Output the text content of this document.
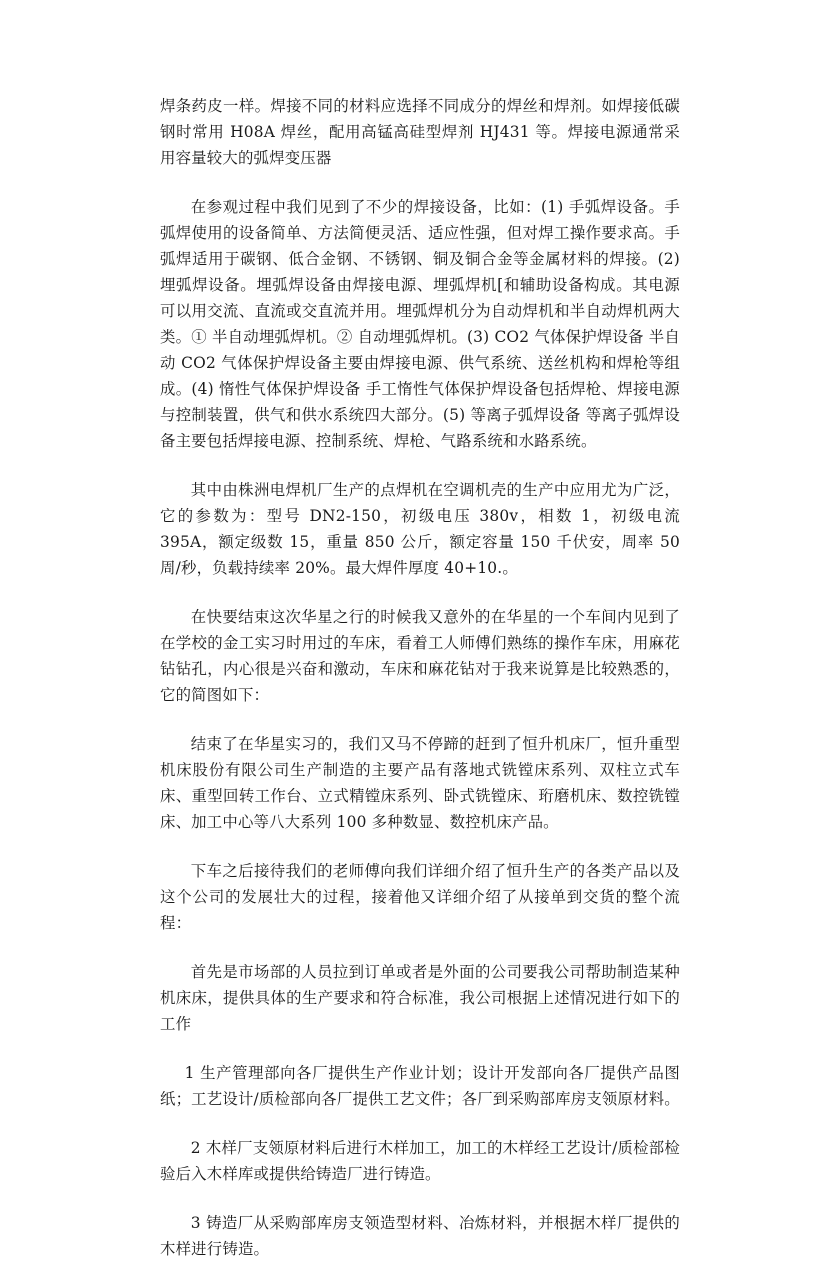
焊条药皮一样。焊接不同的材料应选择不同成分的焊丝和焊剂。如焊接低碳钢时常用 H08A 焊丝，配用高锰高硅型焊剂 HJ431 等。焊接电源通常采用容量较大的弧焊变压器

在参观过程中我们见到了不少的焊接设备，比如：(1) 手弧焊设备。手弧焊使用的设备简单、方法简便灵活、适应性强，但对焊工操作要求高。手弧焊适用于碳钢、低合金钢、不锈钢、铜及铜合金等金属材料的焊接。(2) 埋弧焊设备。埋弧焊设备由焊接电源、埋弧焊机[和辅助设备构成。其电源可以用交流、直流或交直流并用。埋弧焊机分为自动焊机和半自动焊机两大类。① 半自动埋弧焊机。② 自动埋弧焊机。(3) CO2 气体保护焊设备 半自动 CO2 气体保护焊设备主要由焊接电源、供气系统、送丝机构和焊枪等组成。(4) 惰性气体保护焊设备 手工惰性气体保护焊设备包括焊枪、焊接电源与控制装置，供气和供水系统四大部分。(5) 等离子弧焊设备 等离子弧焊设备主要包括焊接电源、控制系统、焊枪、气路系统和水路系统。

其中由株洲电焊机厂生产的点焊机在空调机壳的生产中应用尤为广泛，它的参数为：型号 DN2-150，初级电压 380v，相数 1，初级电流 395A，额定级数 15，重量 850 公斤，额定容量 150 千伏安，周率 50 周/秒，负载持续率 20%。最大焊件厚度 40+10.。

在快要结束这次华星之行的时候我又意外的在华星的一个车间内见到了在学校的金工实习时用过的车床，看着工人师傅们熟练的操作车床，用麻花钻钻孔，内心很是兴奋和激动，车床和麻花钻对于我来说算是比较熟悉的，它的简图如下：

结束了在华星实习的，我们又马不停蹄的赶到了恒升机床厂，恒升重型机床股份有限公司生产制造的主要产品有落地式铣镗床系列、双柱立式车床、重型回转工作台、立式精镗床系列、卧式铣镗床、珩磨机床、数控铣镗床、加工中心等八大系列 100 多种数显、数控机床产品。

下车之后接待我们的老师傅向我们详细介绍了恒升生产的各类产品以及这个公司的发展壮大的过程，接着他又详细介绍了从接单到交货的整个流程：

首先是市场部的人员拉到订单或者是外面的公司要我公司帮助制造某种机床床，提供具体的生产要求和符合标准，我公司根据上述情况进行如下的工作

1 生产管理部向各厂提供生产作业计划；设计开发部向各厂提供产品图纸；工艺设计/质检部向各厂提供工艺文件；各厂到采购部库房支领原材料。

2 木样厂支领原材料后进行木样加工，加工的木样经工艺设计/质检部检验后入木样库或提供给铸造厂进行铸造。

3 铸造厂从采购部库房支领造型材料、冶炼材料，并根据木样厂提供的木样进行铸造。
